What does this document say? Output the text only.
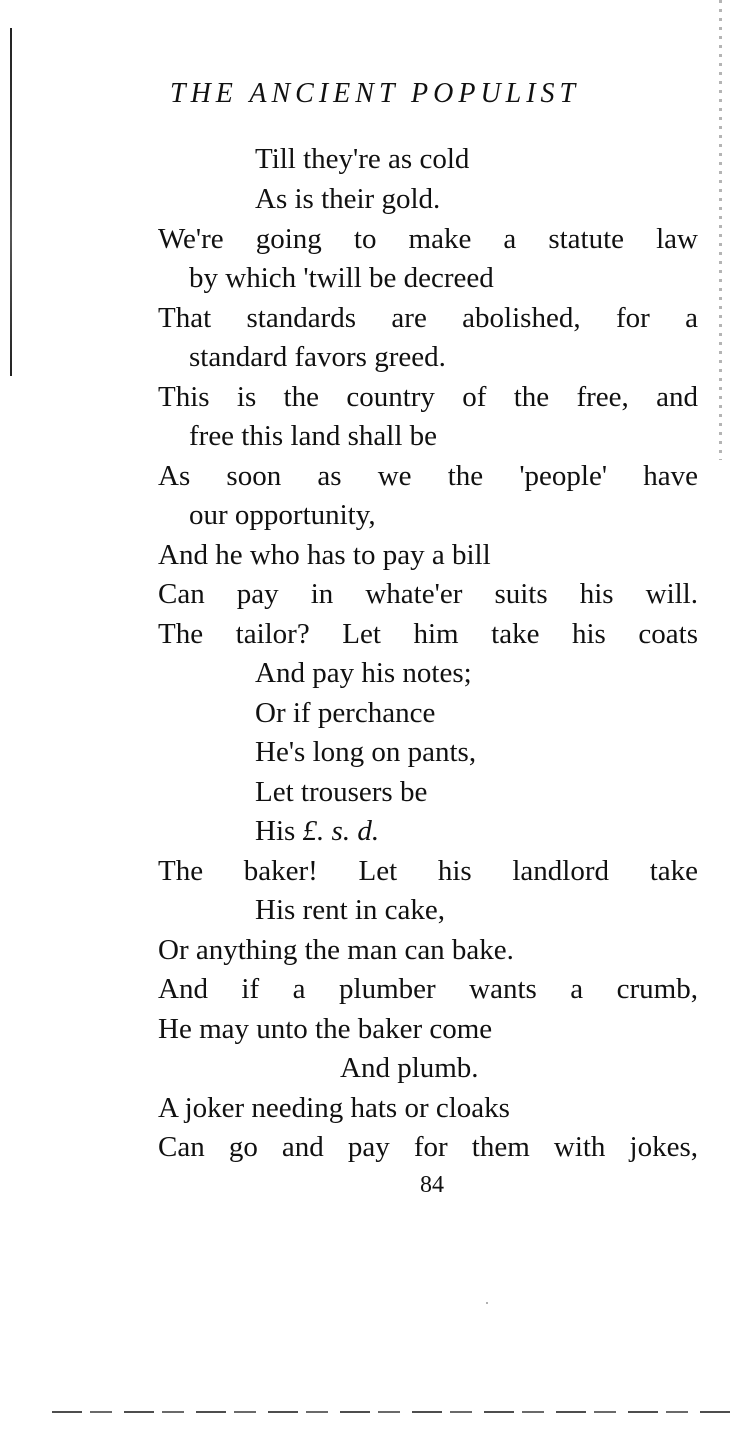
THE ANCIENT POPULIST
Till they're as cold
As is their gold.
We're going to make a statute law
by which 'twill be decreed
That standards are abolished, for a
standard favors greed.
This is the country of the free, and
free this land shall be
As soon as we the 'people' have
our opportunity,
And he who has to pay a bill
Can pay in whate'er suits his will.
The tailor? Let him take his coats
And pay his notes;
Or if perchance
He's long on pants,
Let trousers be
His £. s. d.
The baker! Let his landlord take
His rent in cake,
Or anything the man can bake.
And if a plumber wants a crumb,
He may unto the baker come
And plumb.
A joker needing hats or cloaks
Can go and pay for them with jokes,
84
